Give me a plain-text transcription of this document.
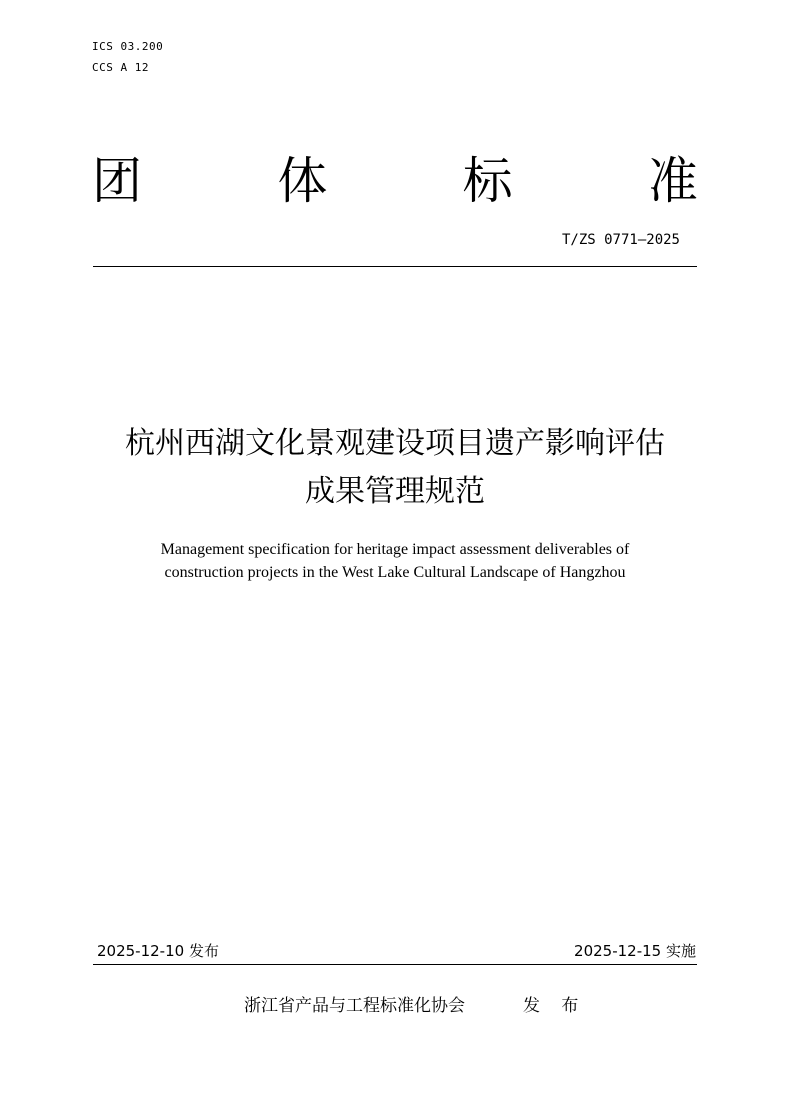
ICS 03.200
CCS A 12
团	体	标	准
T/ZS 0771—2025
杭州西湖文化景观建设项目遗产影响评估
成果管理规范
Management specification for heritage impact assessment deliverables of
construction projects in the West Lake Cultural Landscape of Hangzhou
2025-12-10 发布	2025-12-15 实施
浙江省产品与工程标准化协会	发 布
